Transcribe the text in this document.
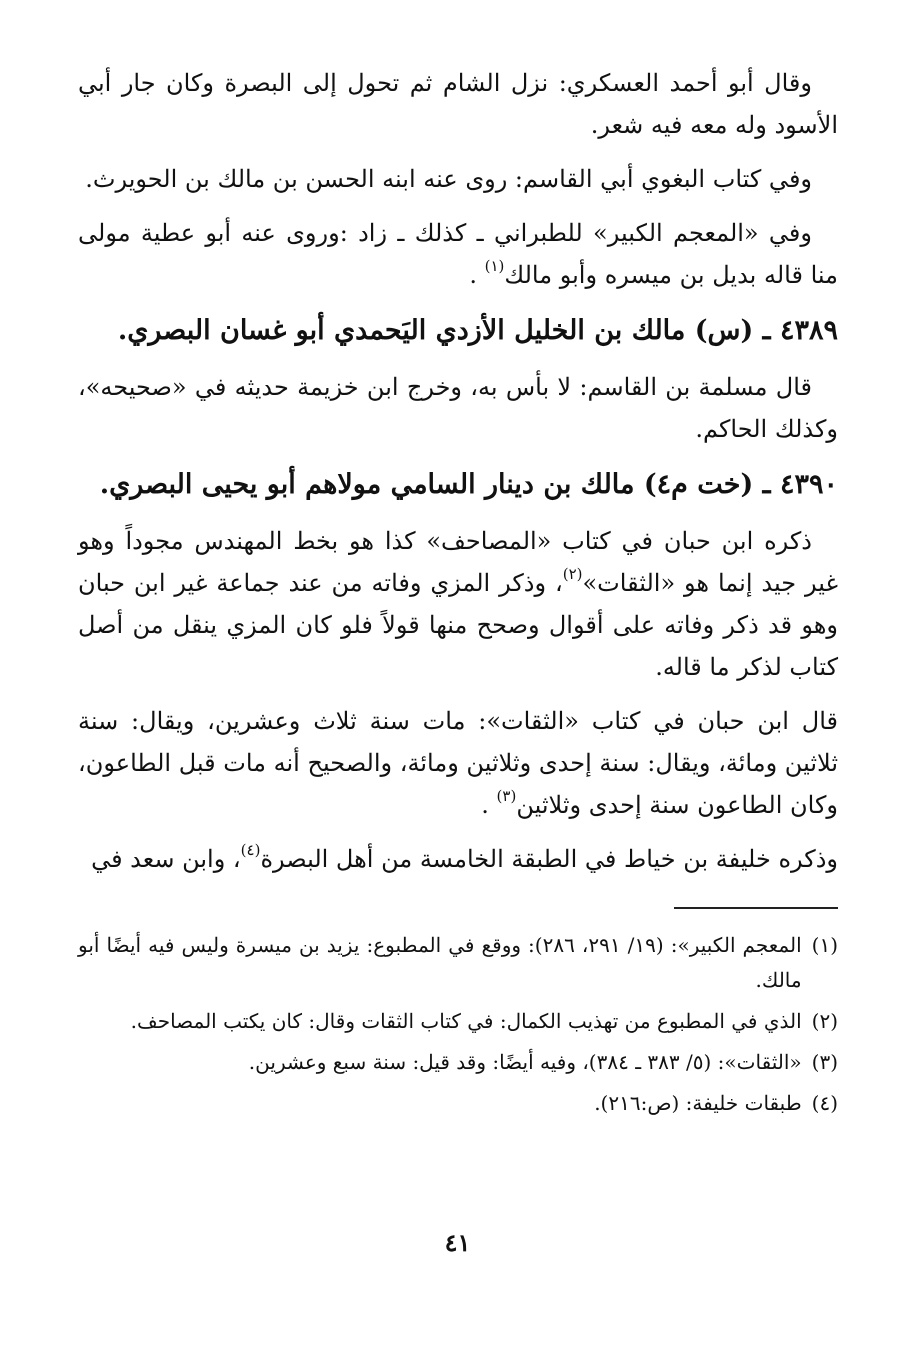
وقال أبو أحمد العسكري: نزل الشام ثم تحول إلى البصرة وكان جار أبي الأسود وله معه فيه شعر.

وفي كتاب البغوي أبي القاسم: روى عنه ابنه الحسن بن مالك بن الحويرث.

وفي «المعجم الكبير» للطبراني ـ كذلك ـ زاد :وروى عنه أبو عطية مولى منا قاله بديل بن ميسره وأبو مالك$^{(١)}$ .

٤٣٨٩ ـ (س) مالك بن الخليل الأزدي اليَحمدي أبو غسان البصري.

قال مسلمة بن القاسم: لا بأس به، وخرج ابن خزيمة حديثه في «صحيحه»، وكذلك الحاكم.

٤٣٩٠ ـ (خت م٤) مالك بن دينار السامي مولاهم أبو يحيى البصري.

ذكره ابن حبان في كتاب «المصاحف» كذا هو بخط المهندس مجوداً وهو غير جيد إنما هو «الثقات»$^{(٢)}$، وذكر المزي وفاته من عند جماعة غير ابن حبان وهو قد ذكر وفاته على أقوال وصحح منها قولاً فلو كان المزي ينقل من أصل كتاب لذكر ما قاله.

قال ابن حبان في كتاب «الثقات»: مات سنة ثلاث وعشرين، ويقال: سنة ثلاثين ومائة، ويقال: سنة إحدى وثلاثين ومائة، والصحيح أنه مات قبل الطاعون، وكان الطاعون سنة إحدى وثلاثين$^{(٣)}$ .

وذكره خليفة بن خياط في الطبقة الخامسة من أهل البصرة$^{(٤)}$، وابن سعد في

(١)
المعجم الكبير»: (١٩/ ٢٩١، ٢٨٦): ووقع في المطبوع: يزيد بن ميسرة وليس فيه أيضًا أبو مالك.
(٢)
الذي في المطبوع من تهذيب الكمال: في كتاب الثقات وقال: كان يكتب المصاحف.
(٣)
«الثقات»: (٥/ ٣٨٣ ـ ٣٨٤)، وفيه أيضًا: وقد قيل: سنة سبع وعشرين.
(٤)
طبقات خليفة: (ص:٢١٦).
٤١
